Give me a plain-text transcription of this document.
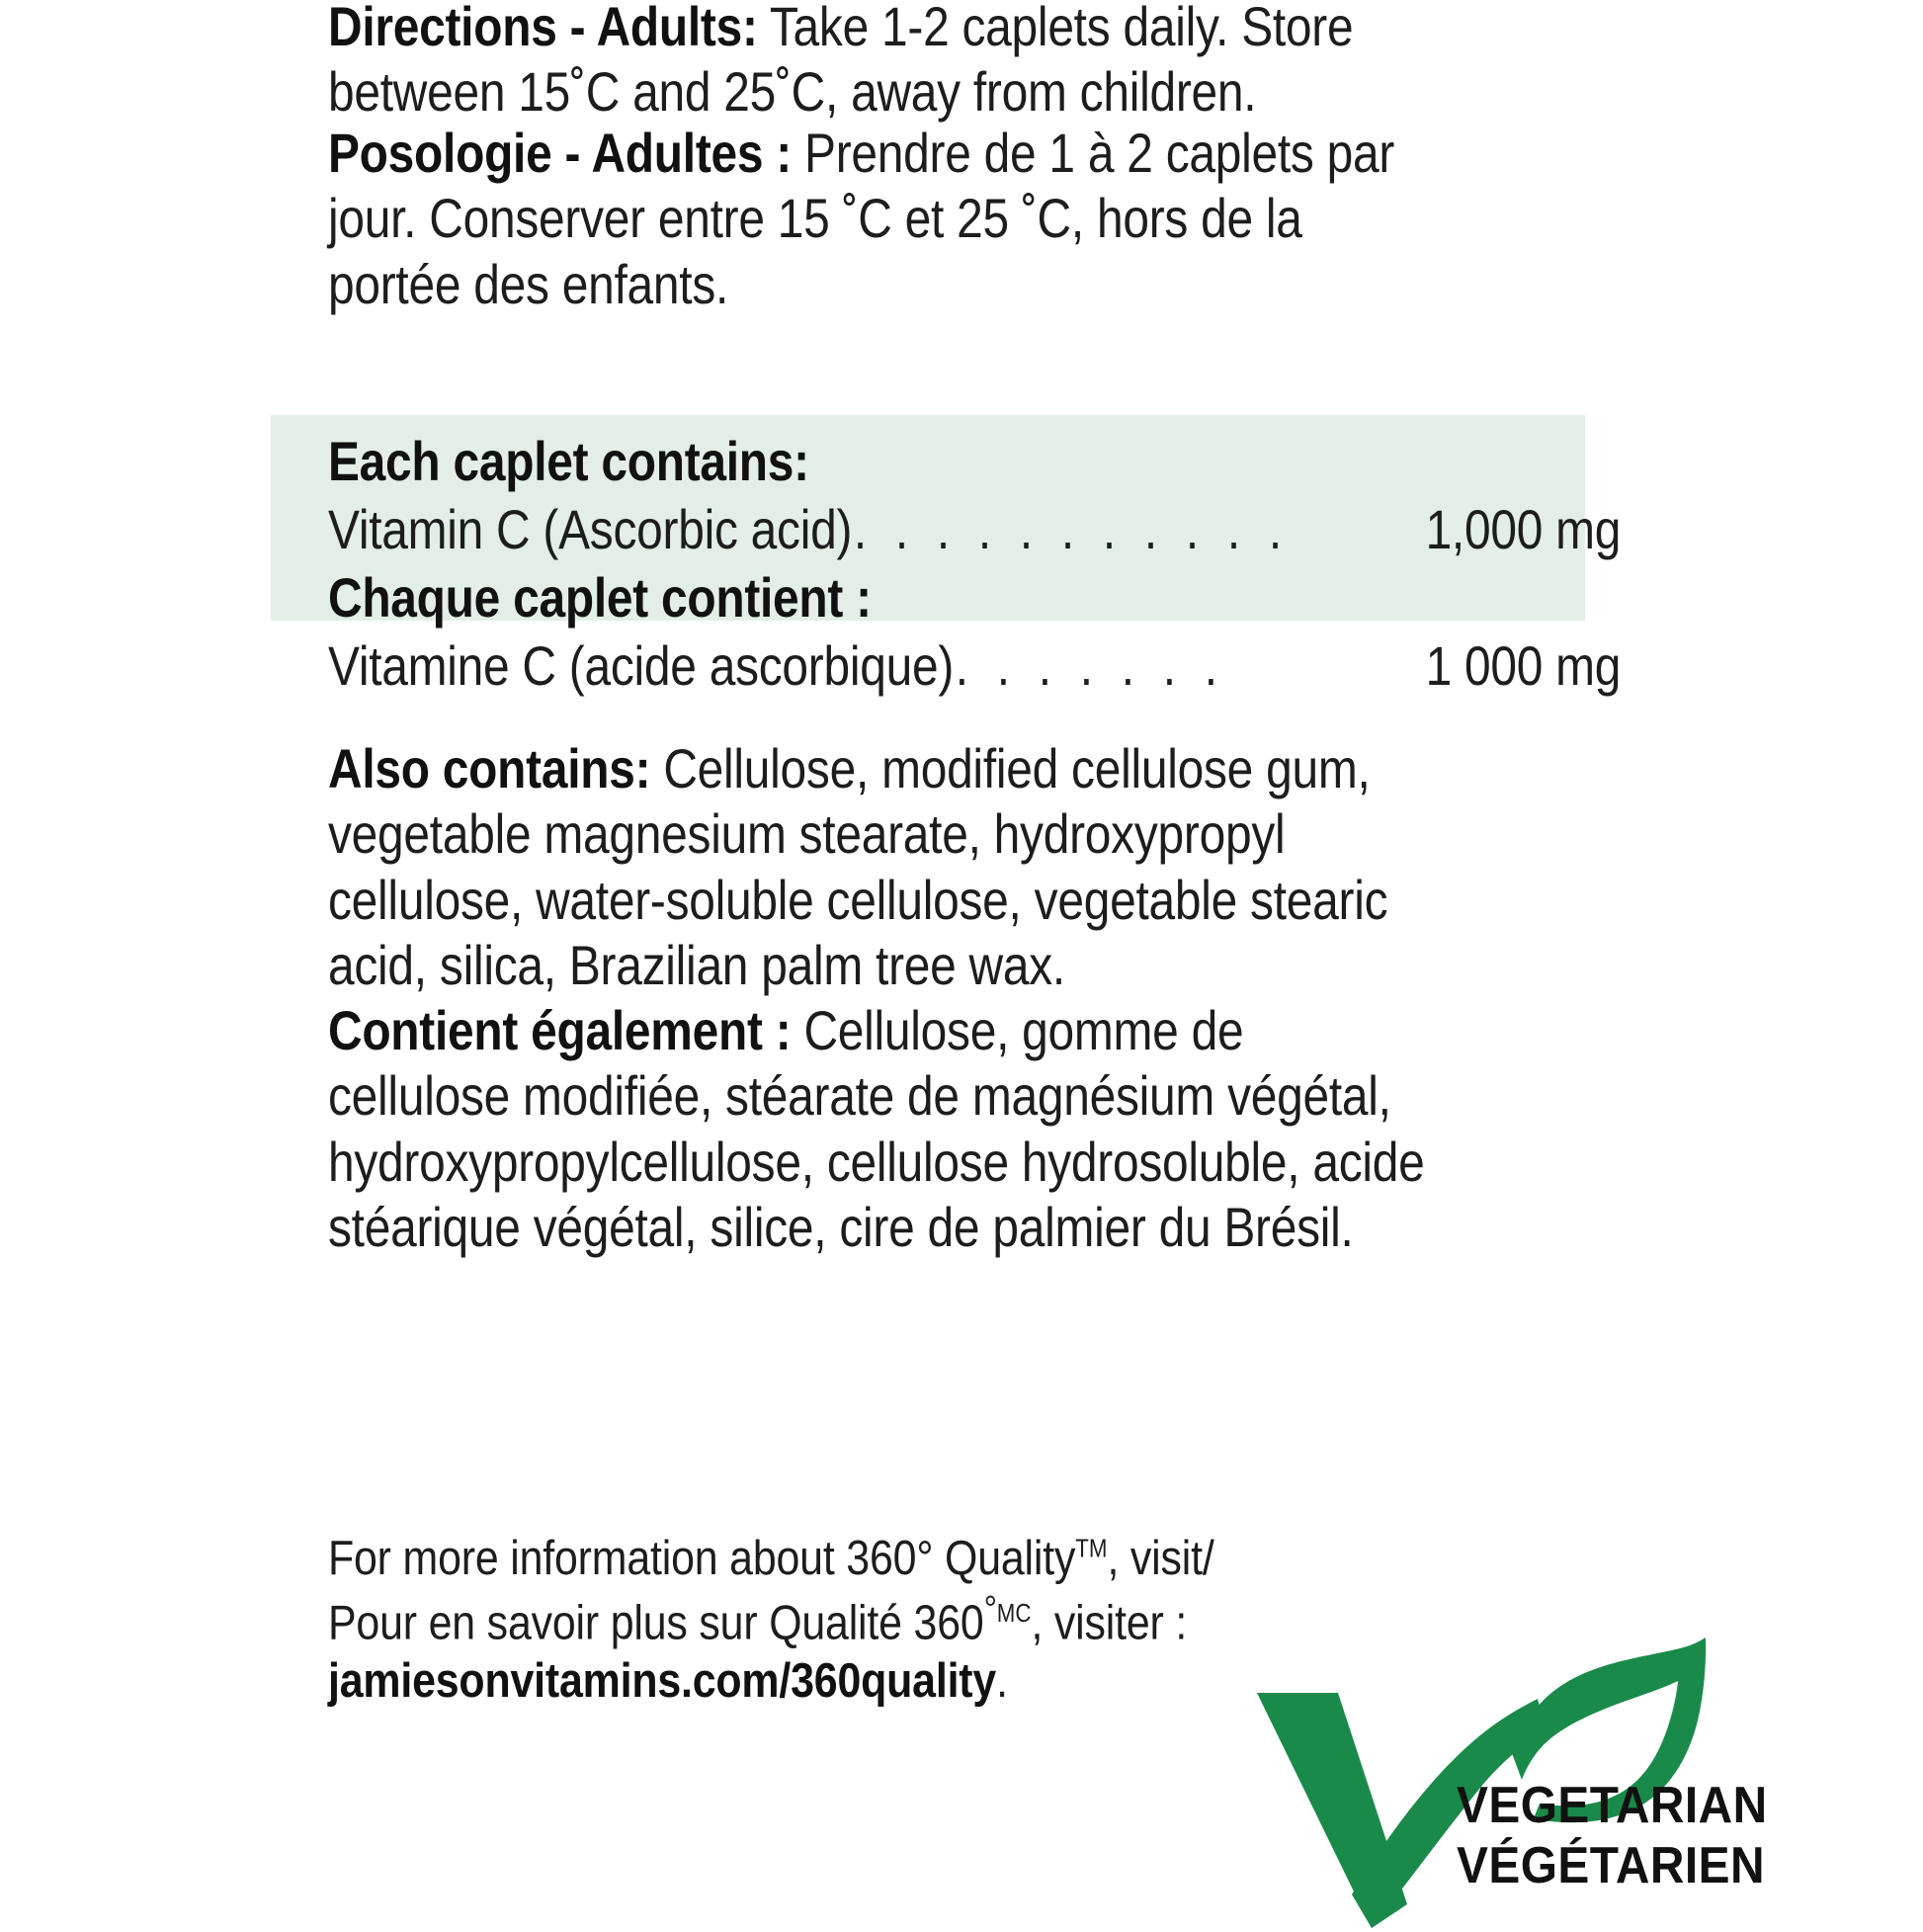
Directions - Adults: Take 1-2 caplets daily. Store between 15˚C and 25˚C, away from children.
Posologie - Adultes : Prendre de 1 à 2 caplets par jour. Conserver entre 15 ˚C et 25 ˚C, hors de la portée des enfants.
Each caplet contains:
Vitamin C (Ascorbic acid) . . . . . . . . . . .	1,000 mg
Chaque caplet contient :
Vitamine C (acide ascorbique) . . . . . . .	1 000 mg
Also contains: Cellulose, modified cellulose gum, vegetable magnesium stearate, hydroxypropyl cellulose, water-soluble cellulose, vegetable stearic acid, silica, Brazilian palm tree wax.
Contient également : Cellulose, gomme de cellulose modifiée, stéarate de magnésium végétal, hydroxypropylcellulose, cellulose hydrosoluble, acide stéarique végétal, silice, cire de palmier du Brésil.
For more information about 360° Quality™, visit/
Pour en savoir plus sur Qualité $360^{^\circ MC}$, visiter :
jamiesonvitamins.com/360quality.
VEGETARIAN
VÉGÉTARIEN
